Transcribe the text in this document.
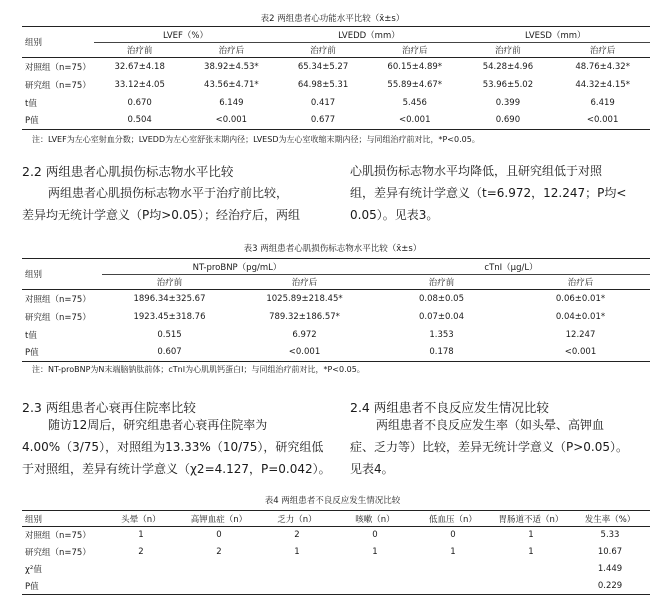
表2 两组患者心功能水平比较（x̄±s）
组别	LVEF（%）		LVEDD（mm）		LVESD（mm）	
	治疗前	治疗后	治疗前	治疗后	治疗前	治疗后
对照组（n=75）	32.67±4.18	38.92±4.53*	65.34±5.27	60.15±4.89*	54.28±4.96	48.76±4.32*
研究组（n=75）	33.12±4.05	43.56±4.71*	64.98±5.31	55.89±4.67*	53.96±5.02	44.32±4.15*
t值	0.670	6.149	0.417	5.456	0.399	6.419
P值	0.504	<0.001	0.677	<0.001	0.690	<0.001
注：LVEF为左心室射血分数；LVEDD为左心室舒张末期内径；LVESD为左心室收缩末期内径；与同组治疗前对比，*P<0.05。
2.2 两组患者心肌损伤标志物水平比较
两组患者心肌损伤标志物水平于治疗前比较，
差异均无统计学意义（P均>0.05）；经治疗后，两组
心肌损伤标志物水平均降低，且研究组低于对照
组，差异有统计学意义（t=6.972，12.247；P均<
0.05）。见表3。
表3 两组患者心肌损伤标志物水平比较（x̄±s）
组别	NT-proBNP（pg/mL）		cTnI（μg/L）	
	治疗前	治疗后	治疗前	治疗后
对照组（n=75）	1896.34±325.67	1025.89±218.45*	0.08±0.05	0.06±0.01*
研究组（n=75）	1923.45±318.76	789.32±186.57*	0.07±0.04	0.04±0.01*
t值	0.515	6.972	1.353	12.247
P值	0.607	<0.001	0.178	<0.001
注：NT-proBNP为N末端脑钠肽前体；cTnI为心肌肌钙蛋白I；与同组治疗前对比，*P<0.05。
2.3 两组患者心衰再住院率比较
随访12周后，研究组患者心衰再住院率为
4.00%（3/75），对照组为13.33%（10/75），研究组低
于对照组，差异有统计学意义（χ2=4.127，P=0.042）。
2.4 两组患者不良反应发生情况比较
两组患者不良反应发生率（如头晕、高钾血
症、乏力等）比较，差异无统计学意义（P>0.05）。
见表4。
表4 两组患者不良反应发生情况比较
组别	头晕（n）	高钾血症（n）	乏力（n）	咳嗽（n）	低血压（n）	胃肠道不适（n）	发生率（%）
对照组（n=75）	1	0	2	0	0	1	5.33
研究组（n=75）	2	2	1	1	1	1	10.67
χ²值							1.449
P值							0.229
